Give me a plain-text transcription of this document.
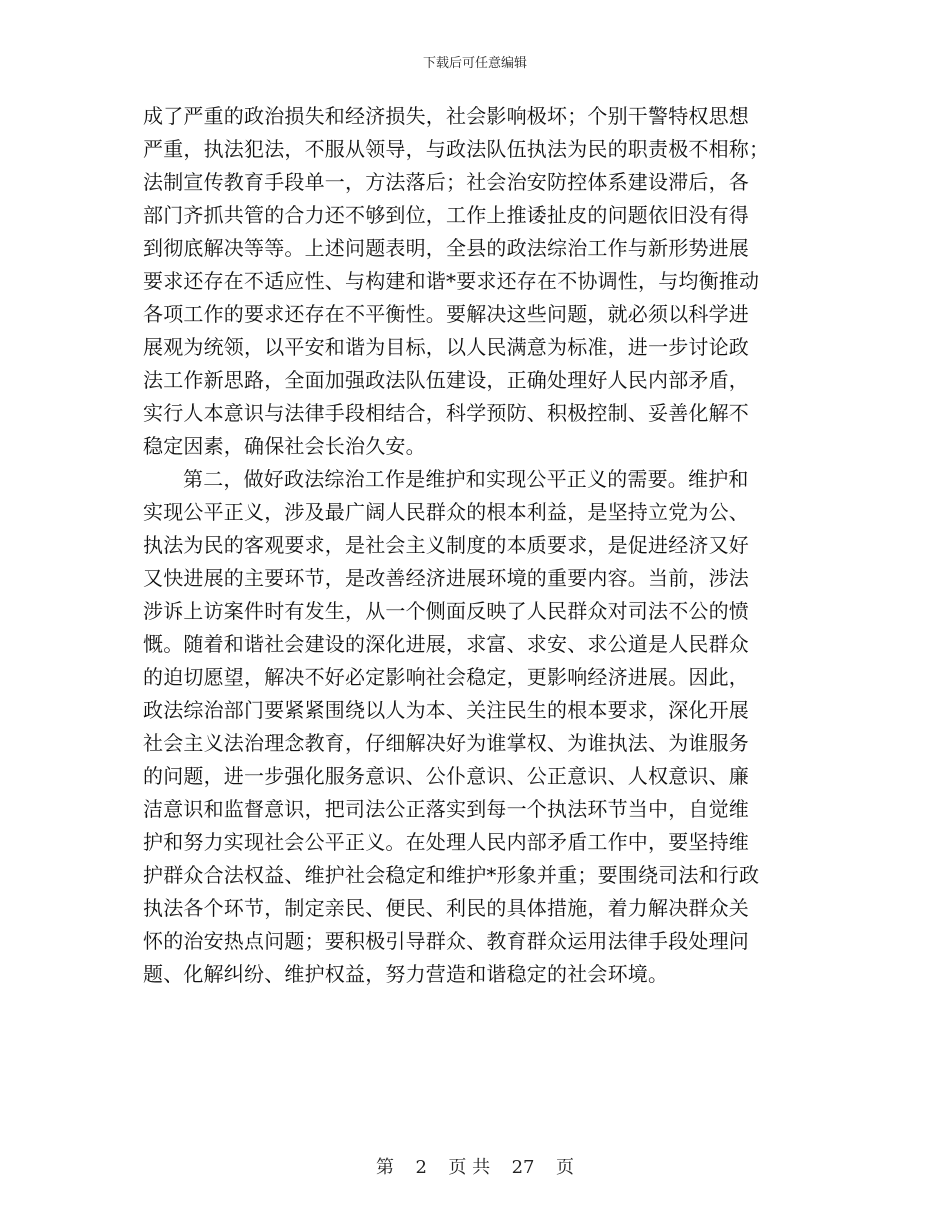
下载后可任意编辑
成了严重的政治损失和经济损失，社会影响极坏；个别干警特权思想
严重，执法犯法，不服从领导，与政法队伍执法为民的职责极不相称；
法制宣传教育手段单一，方法落后；社会治安防控体系建设滞后，各
部门齐抓共管的合力还不够到位，工作上推诿扯皮的问题依旧没有得
到彻底解决等等。上述问题表明，全县的政法综治工作与新形势进展
要求还存在不适应性、与构建和谐*要求还存在不协调性，与均衡推动
各项工作的要求还存在不平衡性。要解决这些问题，就必须以科学进
展观为统领，以平安和谐为目标，以人民满意为标准，进一步讨论政
法工作新思路，全面加强政法队伍建设，正确处理好人民内部矛盾，
实行人本意识与法律手段相结合，科学预防、积极控制、妥善化解不
稳定因素，确保社会长治久安。
第二，做好政法综治工作是维护和实现公平正义的需要。维护和
实现公平正义，涉及最广阔人民群众的根本利益，是坚持立党为公、
执法为民的客观要求，是社会主义制度的本质要求，是促进经济又好
又快进展的主要环节，是改善经济进展环境的重要内容。当前，涉法
涉诉上访案件时有发生，从一个侧面反映了人民群众对司法不公的愤
慨。随着和谐社会建设的深化进展，求富、求安、求公道是人民群众
的迫切愿望，解决不好必定影响社会稳定，更影响经济进展。因此，
政法综治部门要紧紧围绕以人为本、关注民生的根本要求，深化开展
社会主义法治理念教育，仔细解决好为谁掌权、为谁执法、为谁服务
的问题，进一步强化服务意识、公仆意识、公正意识、人权意识、廉
洁意识和监督意识，把司法公正落实到每一个执法环节当中，自觉维
护和努力实现社会公平正义。在处理人民内部矛盾工作中，要坚持维
护群众合法权益、维护社会稳定和维护*形象并重；要围绕司法和行政
执法各个环节，制定亲民、便民、利民的具体措施，着力解决群众关
怀的治安热点问题；要积极引导群众、教育群众运用法律手段处理问
题、化解纠纷、维护权益，努力营造和谐稳定的社会环境。
第 2 页 共 27 页
